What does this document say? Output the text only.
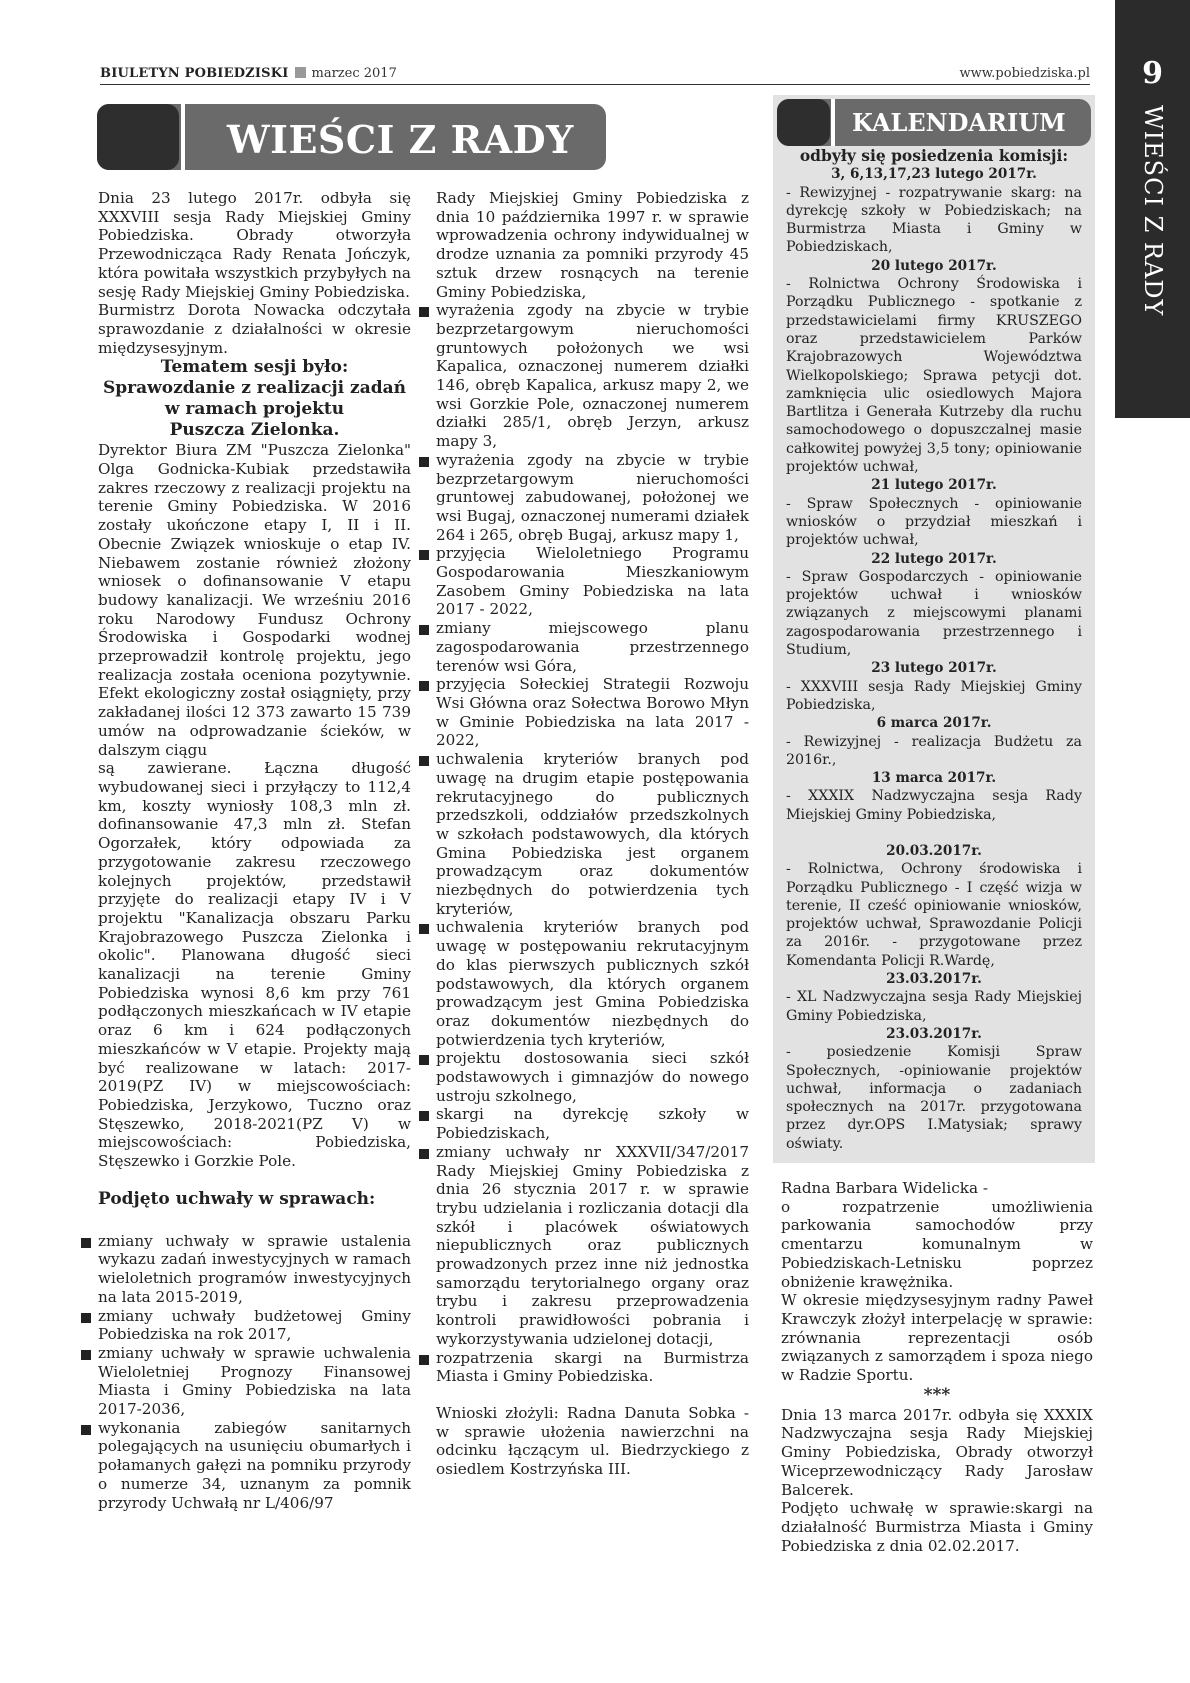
BIULETYN POBIEDZISKI marzec 2017	www.pobiedziska.pl	9
WIEŚCI Z RADY
WIEŚCI Z RADY	KALENDARIUM

odbyły się posiedzenia komisji:

3, 6,13,17,23 lutego 2017r.

- Rewizyjnej - rozpatrywanie skarg: na dyrekcję szkoły w Pobiedziskach; na Burmistrza Miasta i Gminy w Pobiedziskach,

20 lutego 2017r.

- Rolnictwa Ochrony Środowiska i Porządku Publicznego - spotkanie z przedstawicielami firmy KRUSZEGO oraz przedstawicielem Parków Krajobrazowych Województwa Wielkopolskiego; Sprawa petycji dot. zamknięcia ulic osiedlowych Majora Bartlitza i Generała Kutrzeby dla ruchu samochodowego o dopuszczalnej masie całkowitej powyżej 3,5 tony; opiniowanie projektów uchwał,

21 lutego 2017r.

- Spraw Społecznych - opiniowanie wniosków o przydział mieszkań i projektów uchwał,

22 lutego 2017r.

- Spraw Gospodarczych - opiniowanie projektów uchwał i wniosków związanych z miejscowymi planami zagospodarowania przestrzennego i Studium,

23 lutego 2017r.

- XXXVIII sesja Rady Miejskiej Gminy Pobiedziska,

6 marca 2017r.

- Rewizyjnej - realizacja Budżetu za 2016r.,

13 marca 2017r.

- XXXIX Nadzwyczajna sesja Rady Miejskiej Gminy Pobiedziska,

20.03.2017r.

- Rolnictwa, Ochrony środowiska i Porządku Publicznego - I część wizja w terenie, II cześć opiniowanie wniosków, projektów uchwał, Sprawozdanie Policji za 2016r. - przygotowane przez Komendanta Policji R.Wardę,

23.03.2017r.

- XL Nadzwyczajna sesja Rady Miejskiej Gminy Pobiedziska,

23.03.2017r.

- posiedzenie Komisji Spraw Społecznych, -opiniowanie projektów uchwał, informacja o zadaniach społecznych na 2017r. przygotowana przez dyr.OPS I.Matysiak; sprawy oświaty.

Dnia 23 lutego 2017r. odbyła się XXXVIII sesja Rady Miejskiej Gminy Pobiedziska. Obrady otworzyła Przewodnicząca Rady Renata Jończyk, która powitała wszystkich przybyłych na sesję Rady Miejskiej Gminy Pobiedziska.

Burmistrz Dorota Nowacka odczytała sprawozdanie z działalności w okresie międzysesyjnym.

Tematem sesji było:

Sprawozdanie z realizacji zadań

w ramach projektu

Puszcza Zielonka.

Dyrektor Biura ZM "Puszcza Zielonka" Olga Godnicka-Kubiak przedstawiła zakres rzeczowy z realizacji projektu na terenie Gminy Pobiedziska. W 2016 zostały ukończone etapy I, II i II. Obecnie Związek wnioskuje o etap IV. Niebawem zostanie również złożony wniosek o dofinansowanie V etapu budowy kanalizacji. We wrześniu 2016 roku Narodowy Fundusz Ochrony Środowiska i Gospodarki wodnej przeprowadził kontrolę projektu, jego realizacja została oceniona pozytywnie. Efekt ekologiczny został osiągnięty, przy zakładanej ilości 12 373 zawarto 15 739 umów na odprowadzanie ścieków, w dalszym ciągu

są zawierane. Łączna długość wybudowanej sieci i przyłączy to 112,4 km, koszty wyniosły 108,3 mln zł. dofinansowanie 47,3 mln zł. Stefan Ogorzałek, który odpowiada za przygotowanie zakresu rzeczowego kolejnych projektów, przedstawił przyjęte do realizacji etapy IV i V projektu "Kanalizacja obszaru Parku Krajobrazowego Puszcza Zielonka i okolic". Planowana długość sieci kanalizacji na terenie Gminy Pobiedziska wynosi 8,6 km przy 761 podłączonych mieszkańcach w IV etapie oraz 6 km i 624 podłączonych mieszkańców w V etapie. Projekty mają być realizowane w latach: 2017-2019(PZ IV) w miejscowościach: Pobiedziska, Jerzykowo, Tuczno oraz Stęszewko, 2018-2021(PZ V) w miejscowościach: Pobiedziska, Stęszewko i Gorzkie Pole.

Podjęto uchwały w sprawach:

zmiany uchwały w sprawie ustalenia wykazu zadań inwestycyjnych w ramach wieloletnich programów inwestycyjnych na lata 2015-2019,
zmiany uchwały budżetowej Gminy Pobiedziska na rok 2017,
zmiany uchwały w sprawie uchwalenia Wieloletniej Prognozy Finansowej Miasta i Gminy Pobiedziska na lata 2017-2036,
wykonania zabiegów sanitarnych polegających na usunięciu obumarłych i połamanych gałęzi na pomniku przyrody o numerze 34, uznanym za pomnik przyrody Uchwałą nr L/406/97

Rady Miejskiej Gminy Pobiedziska z dnia 10 października 1997 r. w sprawie wprowadzenia ochrony indywidualnej w drodze uznania za pomniki przyrody 45 sztuk drzew rosnących na terenie Gminy Pobiedziska,

wyrażenia zgody na zbycie w trybie bezprzetargowym nieruchomości gruntowych położonych we wsi Kapalica, oznaczonej numerem działki 146, obręb Kapalica, arkusz mapy 2, we wsi Gorzkie Pole, oznaczonej numerem działki 285/1, obręb Jerzyn, arkusz mapy 3,
wyrażenia zgody na zbycie w trybie bezprzetargowym nieruchomości gruntowej zabudowanej, położonej we wsi Bugaj, oznaczonej numerami działek 264 i 265, obręb Bugaj, arkusz mapy 1,
przyjęcia Wieloletniego Programu Gospodarowania Mieszkaniowym Zasobem Gminy Pobiedziska na lata 2017 - 2022,
zmiany miejscowego planu zagospodarowania przestrzennego terenów wsi Góra,
przyjęcia Sołeckiej Strategii Rozwoju Wsi Główna oraz Sołectwa Borowo Młyn w Gminie Pobiedziska na lata 2017 - 2022,
uchwalenia kryteriów branych pod uwagę na drugim etapie postępowania rekrutacyjnego do publicznych przedszkoli, oddziałów przedszkolnych w szkołach podstawowych, dla których Gmina Pobiedziska jest organem prowadzącym oraz dokumentów niezbędnych do potwierdzenia tych kryteriów,
uchwalenia kryteriów branych pod uwagę w postępowaniu rekrutacyjnym do klas pierwszych publicznych szkół podstawowych, dla których organem prowadzącym jest Gmina Pobiedziska oraz dokumentów niezbędnych do potwierdzenia tych kryteriów,
projektu dostosowania sieci szkół podstawowych i gimnazjów do nowego ustroju szkolnego,
skargi na dyrekcję szkoły w Pobiedziskach,
zmiany uchwały nr XXXVII/347/2017 Rady Miejskiej Gminy Pobiedziska z dnia 26 stycznia 2017 r. w sprawie trybu udzielania i rozliczania dotacji dla szkół i placówek oświatowych niepublicznych oraz publicznych prowadzonych przez inne niż jednostka samorządu terytorialnego organy oraz trybu i zakresu przeprowadzenia kontroli prawidłowości pobrania i wykorzystywania udzielonej dotacji,
rozpatrzenia skargi na Burmistrza Miasta i Gminy Pobiedziska.

Wnioski złożyli: Radna Danuta Sobka - w sprawie ułożenia nawierzchni na odcinku łączącym ul. Biedrzyckiego z osiedlem Kostrzyńska III.

Radna Barbara Widelicka -

o rozpatrzenie umożliwienia parkowania samochodów przy cmentarzu komunalnym w Pobiedziskach-Letnisku poprzez obniżenie krawężnika.

W okresie międzysesyjnym radny Paweł Krawczyk złożył interpelację w sprawie: zrównania reprezentacji osób związanych z samorządem i spoza niego w Radzie Sportu.

***

Dnia 13 marca 2017r. odbyła się XXXIX Nadzwyczajna sesja Rady Miejskiej Gminy Pobiedziska, Obrady otworzył Wiceprzewodniczący Rady Jarosław Balcerek.

Podjęto uchwałę w sprawie:skargi na działalność Burmistrza Miasta i Gminy Pobiedziska z dnia 02.02.2017.
